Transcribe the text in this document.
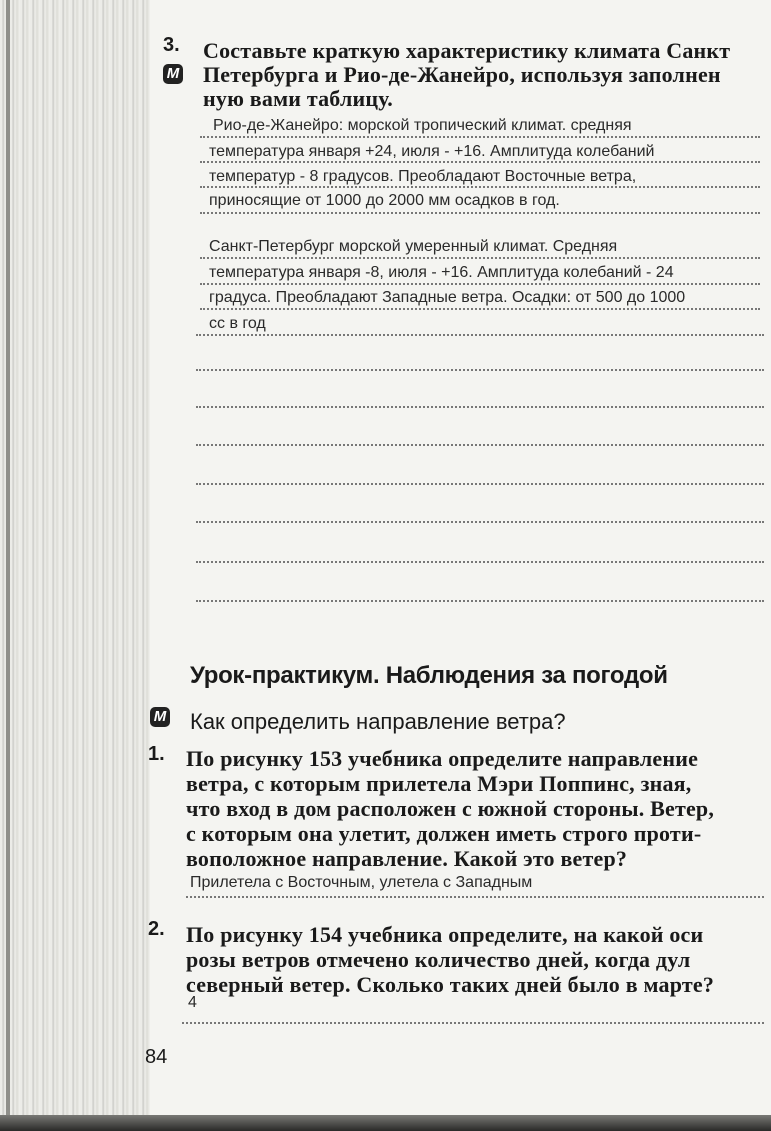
3.
M
Составьте краткую характеристику климата Санкт
Петербурга и Рио-де-Жанейро, используя заполнен
ную вами таблицу.
Рио-де-Жанейро: морской тропический климат. средняя
температура января +24, июля - +16. Амплитуда колебаний
температур - 8 градусов. Преобладают Восточные ветра,
приносящие от 1000 до 2000 мм осадков в год.
Санкт-Петербург морской умеренный климат. Средняя
температура января -8, июля - +16. Амплитуда колебаний - 24
градуса. Преобладают Западные ветра. Осадки: от 500 до 1000
сс в год
Урок-практикум. Наблюдения за погодой
M Как определить направление ветра?
1. По рисунку 153 учебника определите направление
ветра, с которым прилетела Мэри Поппинс, зная,
что вход в дом расположен с южной стороны. Ветер,
с которым она улетит, должен иметь строго проти-
воположное направление. Какой это ветер?
Прилетела с Восточным, улетела с Западным
2. По рисунку 154 учебника определите, на какой оси
розы ветров отмечено количество дней, когда дул
северный ветер. Сколько таких дней было в марте?
4
84
